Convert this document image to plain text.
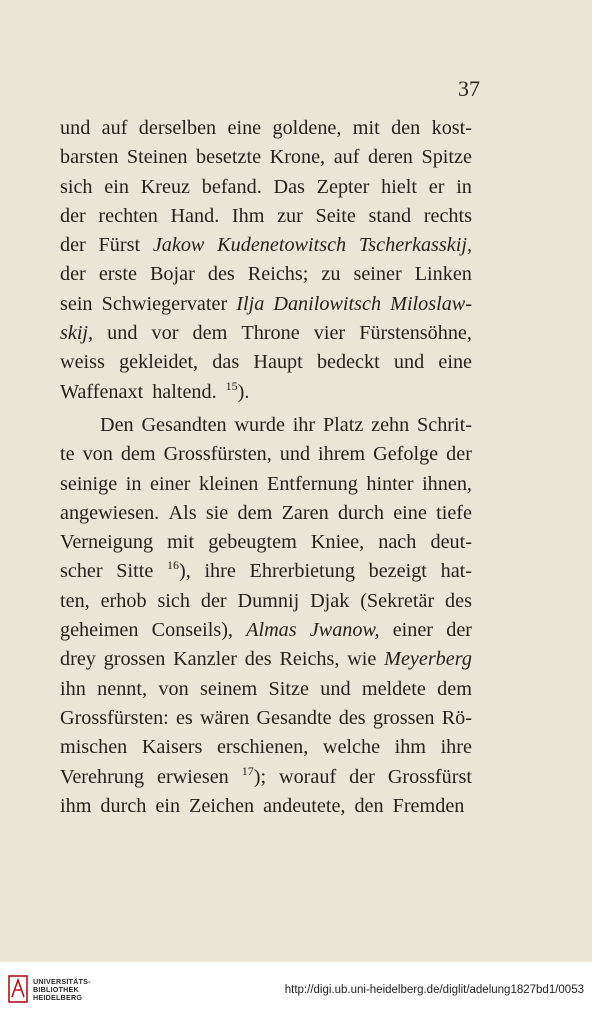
37
und auf derselben eine goldene, mit den kost-
barsten Steinen besetzte Krone, auf deren Spitze
sich ein Kreuz befand. Das Zepter hielt er in
der rechten Hand. Ihm zur Seite stand rechts
der Fürst Jakow Kudenetowitsch Tscherkasskij,
der erste Bojar des Reichs; zu seiner Linken
sein Schwiegervater Ilja Danilowitsch Miloslaw-
skij, und vor dem Throne vier Fürstensöhne,
weiss gekleidet, das Haupt bedeckt und eine
Waffenaxt haltend. $^{15}$).
Den Gesandten wurde ihr Platz zehn Schrit-
te von dem Grossfürsten, und ihrem Gefolge der
seinige in einer kleinen Entfernung hinter ihnen,
angewiesen. Als sie dem Zaren durch eine tiefe
Verneigung mit gebeugtem Kniee, nach deut-
scher Sitte $^{16}$), ihre Ehrerbietung bezeigt hat-
ten, erhob sich der Dumnij Djak (Sekretär des
geheimen Conseils), Almas Jwanow, einer der
drey grossen Kanzler des Reichs, wie Meyerberg
ihn nennt, von seinem Sitze und meldete dem
Grossfürsten: es wären Gesandte des grossen Rö-
mischen Kaisers erschienen, welche ihm ihre
Verehrung erwiesen $^{17}$); worauf der Grossfürst
ihm durch ein Zeichen andeutete, den Fremden
UNIVERSITÄTS-
BIBLIOTHEK
HEIDELBERG
http://digi.ub.uni-heidelberg.de/diglit/adelung1827bd1/0053
